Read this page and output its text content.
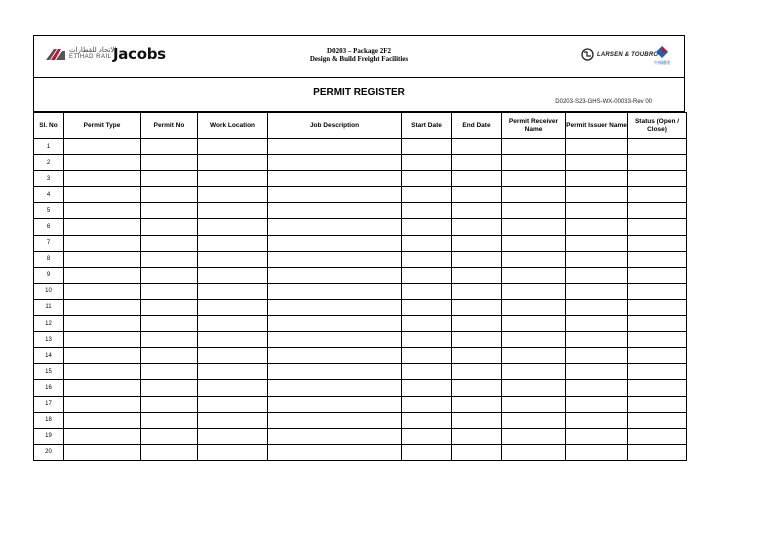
الاتحاد للقطارات
ETIHAD RAIL Jacobs	D0203 – Package 2F2
Design & Build Freight Facilities
LARSEN & TOUBRO
中國鐵建
PERMIT REGISTER
D0203-S23-GHS-WX-00033-Rev 00
Sl. No	Permit Type	Permit No	Work Location	Job Description	Start Date	End Date	Permit Receiver Name	Permit Issuer Name	Status (Open / Close)
1									
2									
3									
4									
5									
6									
7									
8									
9									
10									
11									
12									
13									
14									
15									
16									
17									
18									
19									
20									
